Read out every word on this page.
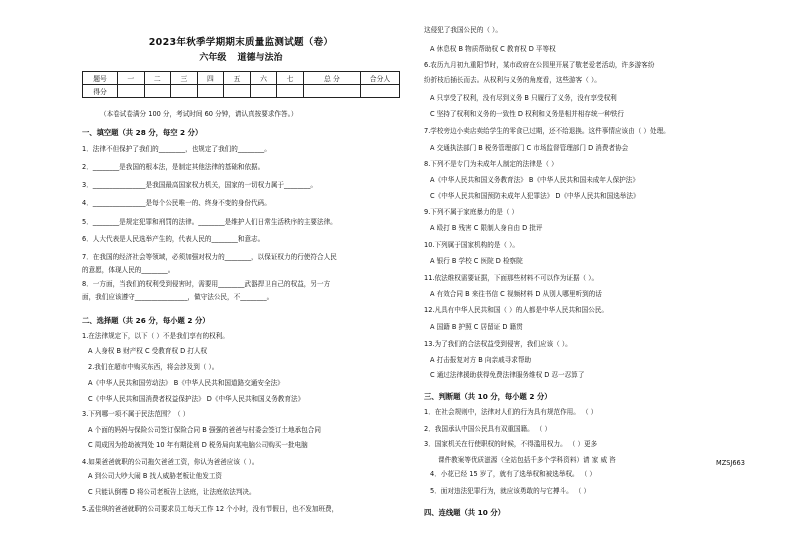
2023年秋季学期期末质量监测试题（卷）
六年级 道德与法治
题号	一	二	三	四	五	六	七	总 分	合分人
得分									
（本卷试卷满分 100 分，考试时间 60 分钟，请认真按要求作答。）
一、填空题（共 28 分，每空 2 分）
1．法律不但保护了我们的________，也规定了我们的________。
2．________是我国的根本法，是制定其他法律的基础和依据。
3．________________是我国最高国家权力机关，国家的一切权力属于________。
4．________________是每个公民唯一的、终身不变的身份代码。
5．________是规定犯罪和刑罚的法律。________是维护人们日常生活秩序的主要法律。
6．人大代表是人民选举产生的，代表人民的________和意志。
7．在我国的经济社会等领域，必须加强对权力的________，以保证权力的行使符合人民
的意愿，体现人民的________。
8．一方面，当我们的权利受到侵害时，需要用________武器捍卫自己的权益，另一方
面，我们应该遵守________________，做守法公民，不________。
二、选择题（共 26 分，每小题 2 分）
1.在法律规定下，以下（ ）不是我们享有的权利。
A 人身权 B 财产权 C 受教育权 D 打人权
2.我们在超市中购买东西，将会涉及到（ ）。
A《中华人民共和国劳动法》 B《中华人民共和国道路交通安全法》
C《中华人民共和国消费者权益保护法》 D《中华人民共和国义务教育法》
3.下列哪一项不属于民法范围？（ ）
A 个面的妈妈与保险公司签订保险合同 B 强强的爸爸与村委会签订土地承包合同
C 周成因为抢劫被判处 10 年有期徒刑 D 税务局向某电脑公司购买一批电脑
4.如果爸爸就职的公司拖欠爸爸工资，你认为爸爸应该（ ）。
A 到公司大吵大闹 B 找人威胁老板让他发工资
C 只能认倒霉 D 将公司老板告上法庭，让法庭依法判决。
5.孟佳琪的爸爸就职的公司要求员工每天工作 12 个小时，没有节假日，也不发加班费，
这侵犯了我国公民的（ ）。
A 休息权 B 物质帮助权 C 教育权 D 平等权
6.农历九月初九重阳节时，某市政府在公园里开展了敬老爱老活动，许多游客纷
纷折枝后插长而去。从权利与义务的角度看，这些游客（ ）。
A 只享受了权利，没有尽到义务 B 只履行了义务，没有享受权利
C 坚持了权利和义务的一致性 D 权利和义务是相并相存统一种铁行
7.学校旁边小卖店卖给学生的零食已过期，还不给退换。这件事情应该由（ ）处理。
A 交通执法部门 B 税务管理部门 C 市场监督管理部门 D 消费者协会
8.下列不是专门为未成年人制定的法律是（ ）
A《中华人民共和国义务教育法》 B《中华人民共和国未成年人保护法》
C《中华人民共和国预防未成年人犯罪法》 D《中华人民共和国选举法》
9.下列不属于家庭暴力的是（ ）
A 殴打 B 残害 C 限制人身自由 D 批评
10.下列属于国家机构的是（ ）。
A 银行 B 学校 C 医院 D 检察院
11.依法维权需要证据，下面那些材料不可以作为证据（ ）。
A 有效合同 B 来往书信 C 视频材料 D 从别人哪里听到的话
12.凡具有中华人民共和国（ ）的人都是中华人民共和国公民。
A 国籍 B 护照 C 居留证 D 籍贯
13.为了我们的合法权益受到侵害，我们应该（ ）。
A 打击报复对方 B 向亲戚寻求帮助
C 通过法律援助获得免费法律服务维权 D 忍一忍算了
三、判断题（共 10 分，每小题 2 分）
1．在社会规则中，法律对人们的行为具有规范作用。 （ ）
2．我国承认中国公民具有双重国籍。 （ ）
3．国家机关在行使职权的时候，不得滥用权力。 （ ）更多
课件教案等优质滋源（全站包括千多个学科资料）请 家 威 咨
4．小花已经 15 岁了，就有了选举权和被选举权。 （ ）
5．面对违法犯罪行为，就应该勇敢的与它搏斗。 （ ）
四、连线题（共 10 分）
MZSJ663
